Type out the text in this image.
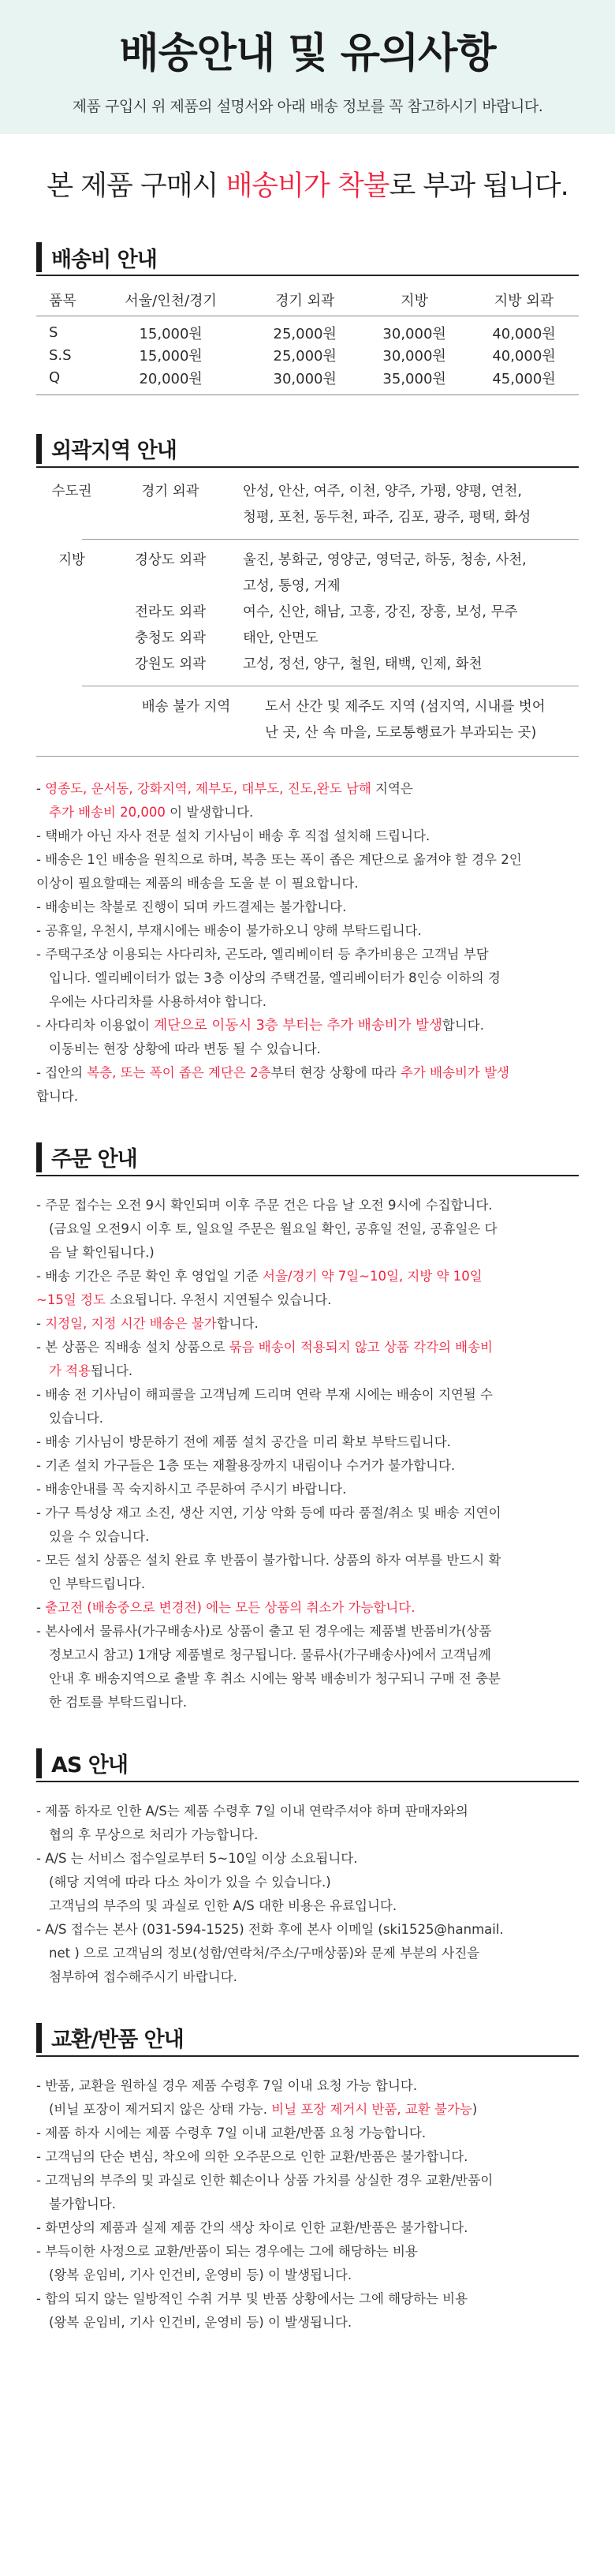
배송안내 및 유의사항
제품 구입시 위 제품의 설명서와 아래 배송 정보를 꼭 참고하시기 바랍니다.
본 제품 구매시 배송비가 착불로 부과 됩니다.
배송비 안내
품목	서울/인천/경기	경기 외곽	지방	지방 외곽
S	15,000원	25,000원	30,000원	40,000원
S.S	15,000원	25,000원	30,000원	40,000원
Q	20,000원	30,000원	35,000원	45,000원
외곽지역 안내
수도권	경기 외곽	안성, 안산, 여주, 이천, 양주, 가평, 양평, 연천,
청평, 포천, 동두천, 파주, 김포, 광주, 평택, 화성
지방	경상도 외곽	울진, 봉화군, 영양군, 영덕군, 하동, 청송, 사천,
고성, 통영, 거제
전라도 외곽	여수, 신안, 해남, 고흥, 강진, 장흥, 보성, 무주
충청도 외곽	태안, 안면도
강원도 외곽	고성, 정선, 양구, 철원, 태백, 인제, 화천
배송 불가 지역	도서 산간 및 제주도 지역 (섬지역, 시내를 벗어
난 곳, 산 속 마을, 도로통행료가 부과되는 곳)

- 영종도, 운서동, 강화지역, 제부도, 대부도, 진도,완도 남해 지역은

추가 배송비 20,000 이 발생합니다.

- 택배가 아닌 자사 전문 설치 기사님이 배송 후 직접 설치해 드립니다.

- 배송은 1인 배송을 원칙으로 하며, 복층 또는 폭이 좁은 계단으로 옮겨야 할 경우 2인

이상이 필요할때는 제품의 배송을 도울 분 이 필요합니다.

- 배송비는 착불로 진행이 되며 카드결제는 불가합니다.

- 공휴일, 우천시, 부재시에는 배송이 불가하오니 양해 부탁드립니다.

- 주택구조상 이용되는 사다리차, 곤도라, 엘리베이터 등 추가비용은 고객님 부담

입니다. 엘리베이터가 없는 3층 이상의 주택건물, 엘리베이터가 8인승 이하의 경

우에는 사다리차를 사용하셔야 합니다.

- 사다리차 이용없이 계단으로 이동시 3층 부터는 추가 배송비가 발생합니다.

이동비는 현장 상황에 따라 변동 될 수 있습니다.

- 집안의 복층, 또는 폭이 좁은 계단은 2층부터 현장 상황에 따라 추가 배송비가 발생

합니다.

주문 안내

- 주문 접수는 오전 9시 확인되며 이후 주문 건은 다음 날 오전 9시에 수집합니다.

(금요일 오전9시 이후 토, 일요일 주문은 월요일 확인, 공휴일 전일, 공휴일은 다

음 날 확인됩니다.)

- 배송 기간은 주문 확인 후 영업일 기준 서울/경기 약 7일~10일, 지방 약 10일

~15일 정도 소요됩니다. 우천시 지연될수 있습니다.

- 지정일, 지정 시간 배송은 불가합니다.

- 본 상품은 직배송 설치 상품으로 묶음 배송이 적용되지 않고 상품 각각의 배송비

가 적용됩니다.

- 배송 전 기사님이 해피콜을 고객님께 드리며 연락 부재 시에는 배송이 지연될 수

있습니다.

- 배송 기사님이 방문하기 전에 제품 설치 공간을 미리 확보 부탁드립니다.

- 기존 설치 가구들은 1층 또는 재활용장까지 내림이나 수거가 불가합니다.

- 배송안내를 꼭 숙지하시고 주문하여 주시기 바랍니다.

- 가구 특성상 재고 소진, 생산 지연, 기상 악화 등에 따라 품절/취소 및 배송 지연이

있을 수 있습니다.

- 모든 설치 상품은 설치 완료 후 반품이 불가합니다. 상품의 하자 여부를 반드시 확

인 부탁드립니다.

- 출고전 (배송중으로 변경전) 에는 모든 상품의 취소가 가능합니다.

- 본사에서 물류사(가구배송사)로 상품이 출고 된 경우에는 제품별 반품비가(상품

정보고시 참고) 1개당 제품별로 청구됩니다. 물류사(가구배송사)에서 고객님께

안내 후 배송지역으로 출발 후 취소 시에는 왕복 배송비가 청구되니 구매 전 충분

한 검토를 부탁드립니다.

AS 안내

- 제품 하자로 인한 A/S는 제품 수령후 7일 이내 연락주셔야 하며 판매자와의

협의 후 무상으로 처리가 가능합니다.

- A/S 는 서비스 접수일로부터 5~10일 이상 소요됩니다.

(해당 지역에 따라 다소 차이가 있을 수 있습니다.)

고객님의 부주의 및 과실로 인한 A/S 대한 비용은 유료입니다.

- A/S 접수는 본사 (031-594-1525) 전화 후에 본사 이메일 (ski1525@hanmail.

net ) 으로 고객님의 정보(성함/연락처/주소/구매상품)와 문제 부분의 사진을

첨부하여 접수해주시기 바랍니다.

교환/반품 안내

- 반품, 교환을 원하실 경우 제품 수령후 7일 이내 요청 가능 합니다.

(비닐 포장이 제거되지 않은 상태 가능. 비닐 포장 제거시 반품, 교환 불가능)

- 제품 하자 시에는 제품 수령후 7일 이내 교환/반품 요청 가능합니다.

- 고객님의 단순 변심, 착오에 의한 오주문으로 인한 교환/반품은 불가합니다.

- 고객님의 부주의 및 과실로 인한 훼손이나 상품 가치를 상실한 경우 교환/반품이

불가합니다.

- 화면상의 제품과 실제 제품 간의 색상 차이로 인한 교환/반품은 불가합니다.

- 부득이한 사정으로 교환/반품이 되는 경우에는 그에 해당하는 비용

(왕복 운임비, 기사 인건비, 운영비 등) 이 발생됩니다.

- 합의 되지 않는 일방적인 수취 거부 및 반품 상황에서는 그에 해당하는 비용

(왕복 운임비, 기사 인건비, 운영비 등) 이 발생됩니다.
